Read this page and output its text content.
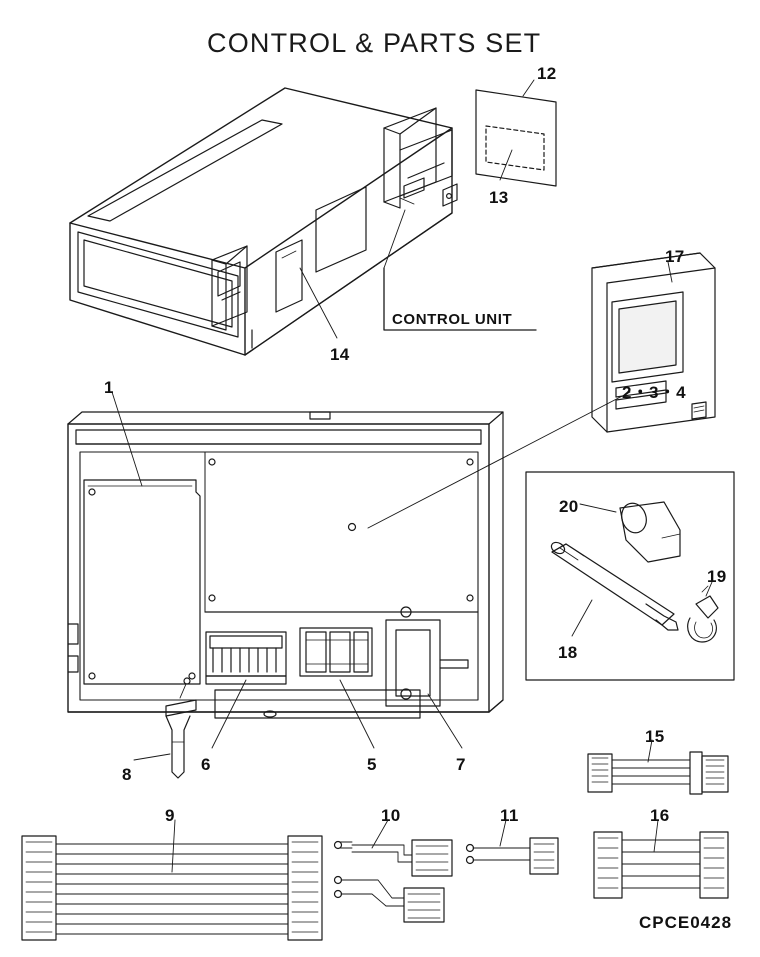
CONTROL & PARTS SET
CONTROL UNIT
1	2・3・4
5
6	7
8
9	10	11
12
13
14
15
16
17
18
19
20
CPCE0428
